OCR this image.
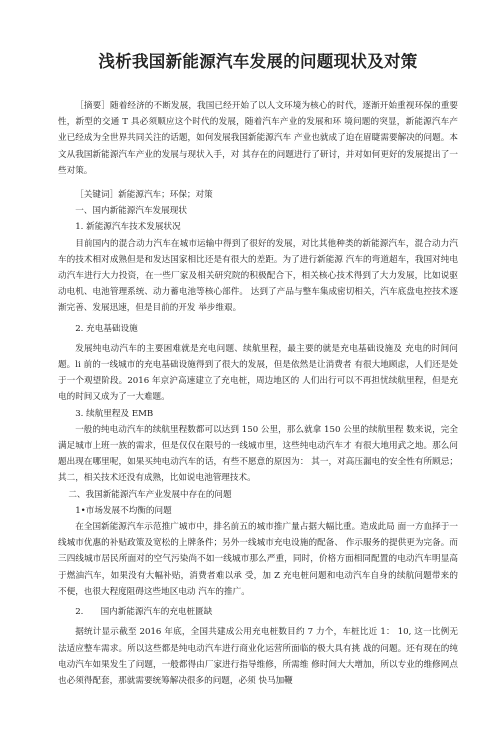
浅析我国新能源汽车发展的问题现状及对策

［摘要］随着经济的不断发展，我国已经开始了以人文环境为核心的时代，逐渐开始重视环保的重要性，新型的交通 T 具必须顺应这个时代的发展，随着汽车产业的发展和环 境问题的突显，新能源汽车产业已经成为全世界共同关注的话题，如何发展我国新能源汽车 产业也就成了迫在眉睫需要解决的问题。本文从我国新能源汽车产业的发展与现状入手，对 其存在的问题进行了研讨，并对如何更好的发展提出了一些对策。

［关键词］新能源汽车；环保；对策

一、国内新能源汽车发展现状

1. 新能源汽车技术发展状况

目前国内的混合动力汽车在城市运输中得到了很好的发展，对比其他种类的新能源汽车，混合动力汽车的技术相对成熟但是和发达国家相比还是有很大的差距。为了进行新能源 汽车的弯道超车，我国对纯电动汽车进行大力投资，在一些厂家及相关研究院的积极配合下，相关核心技术得到了大力发展，比如说驱动电机、电池管理系统、动力蓄电池等核心部件。 达到了产品与整车集成密切相关，汽车底盘电控技术逐渐完善、发展迅速，但是目前的开发 举步维艰。

2. 充电基础设施

发展纯电动汽车的主要困难就是充电问题、续航里程，最主要的就是充电基础设施及 充电的时间问题。li 前的一线城市的充电基础设施得到了很大的发展，但是依然是让消费者 有很大地顾虑，人们还是处于一个观望阶段。2016 年京沪高速建立了充电桩，周边地区的 人们出行可以不再担忧续航里程，但是充电的时间又成为了一大难题。

3. 续航里程及 EMB

一般的纯电动汽车的续航里程数都可以达到 150 公里，那么就拿 150 公里的续航里程 数来说，完全满足城市上班一族的需求，但是仅仅在限号的一线城市里，这些纯电动汽车才 有很大地用武之地。那么问题出现在哪里呢，如果买纯电动汽车的话，有些不愿意的原因为： 其一，对高压漏电的安全性有所顾忌；其二，相关技术还没有成熟，比如说电池管理技术。

二、我国新能源汽车产业发展中存在的问题

1•市场发展不均衡的问题

在全国新能源汽车示范推广城市中，排名前五的城市推广量占据大幅比重。造成此局 面一方血择于一线城市优惠的补贴政策及宽松的上牌条件；另外一线城市充电设施的配备、 作示服务的提供更为完备。而三四线城市居民所面对的空气污染尚不如一线城市那么严重，同时，价格方面相同配置的电动汽车明显高于燃油汽车，如果没有大幅补贴，消费者难以承 受，加 Z 充电桩问题和电动汽车自身的续航问题带来的不便，也很大程度阻碍这些地区电动 汽车的推广。

2.　　国内新能源汽车的充电桩匮缺

据统计显示截至 2016 年底，全国共建成公用充电桩数目约 7 力个，车桩比近 1： 10, 这一比例无法适应整车需求。所以这些都是纯电动汽车进行商业化运营所面临的极大具有挑 战的问题。还有现在的纯电动汽车如果发生了问题，一般都得由厂家进行指导维修，所需维 修时间大大增加，所以专业的维修网点也必须得配套，那就需要统筹解决很多的问题，必须 快马加鞭
